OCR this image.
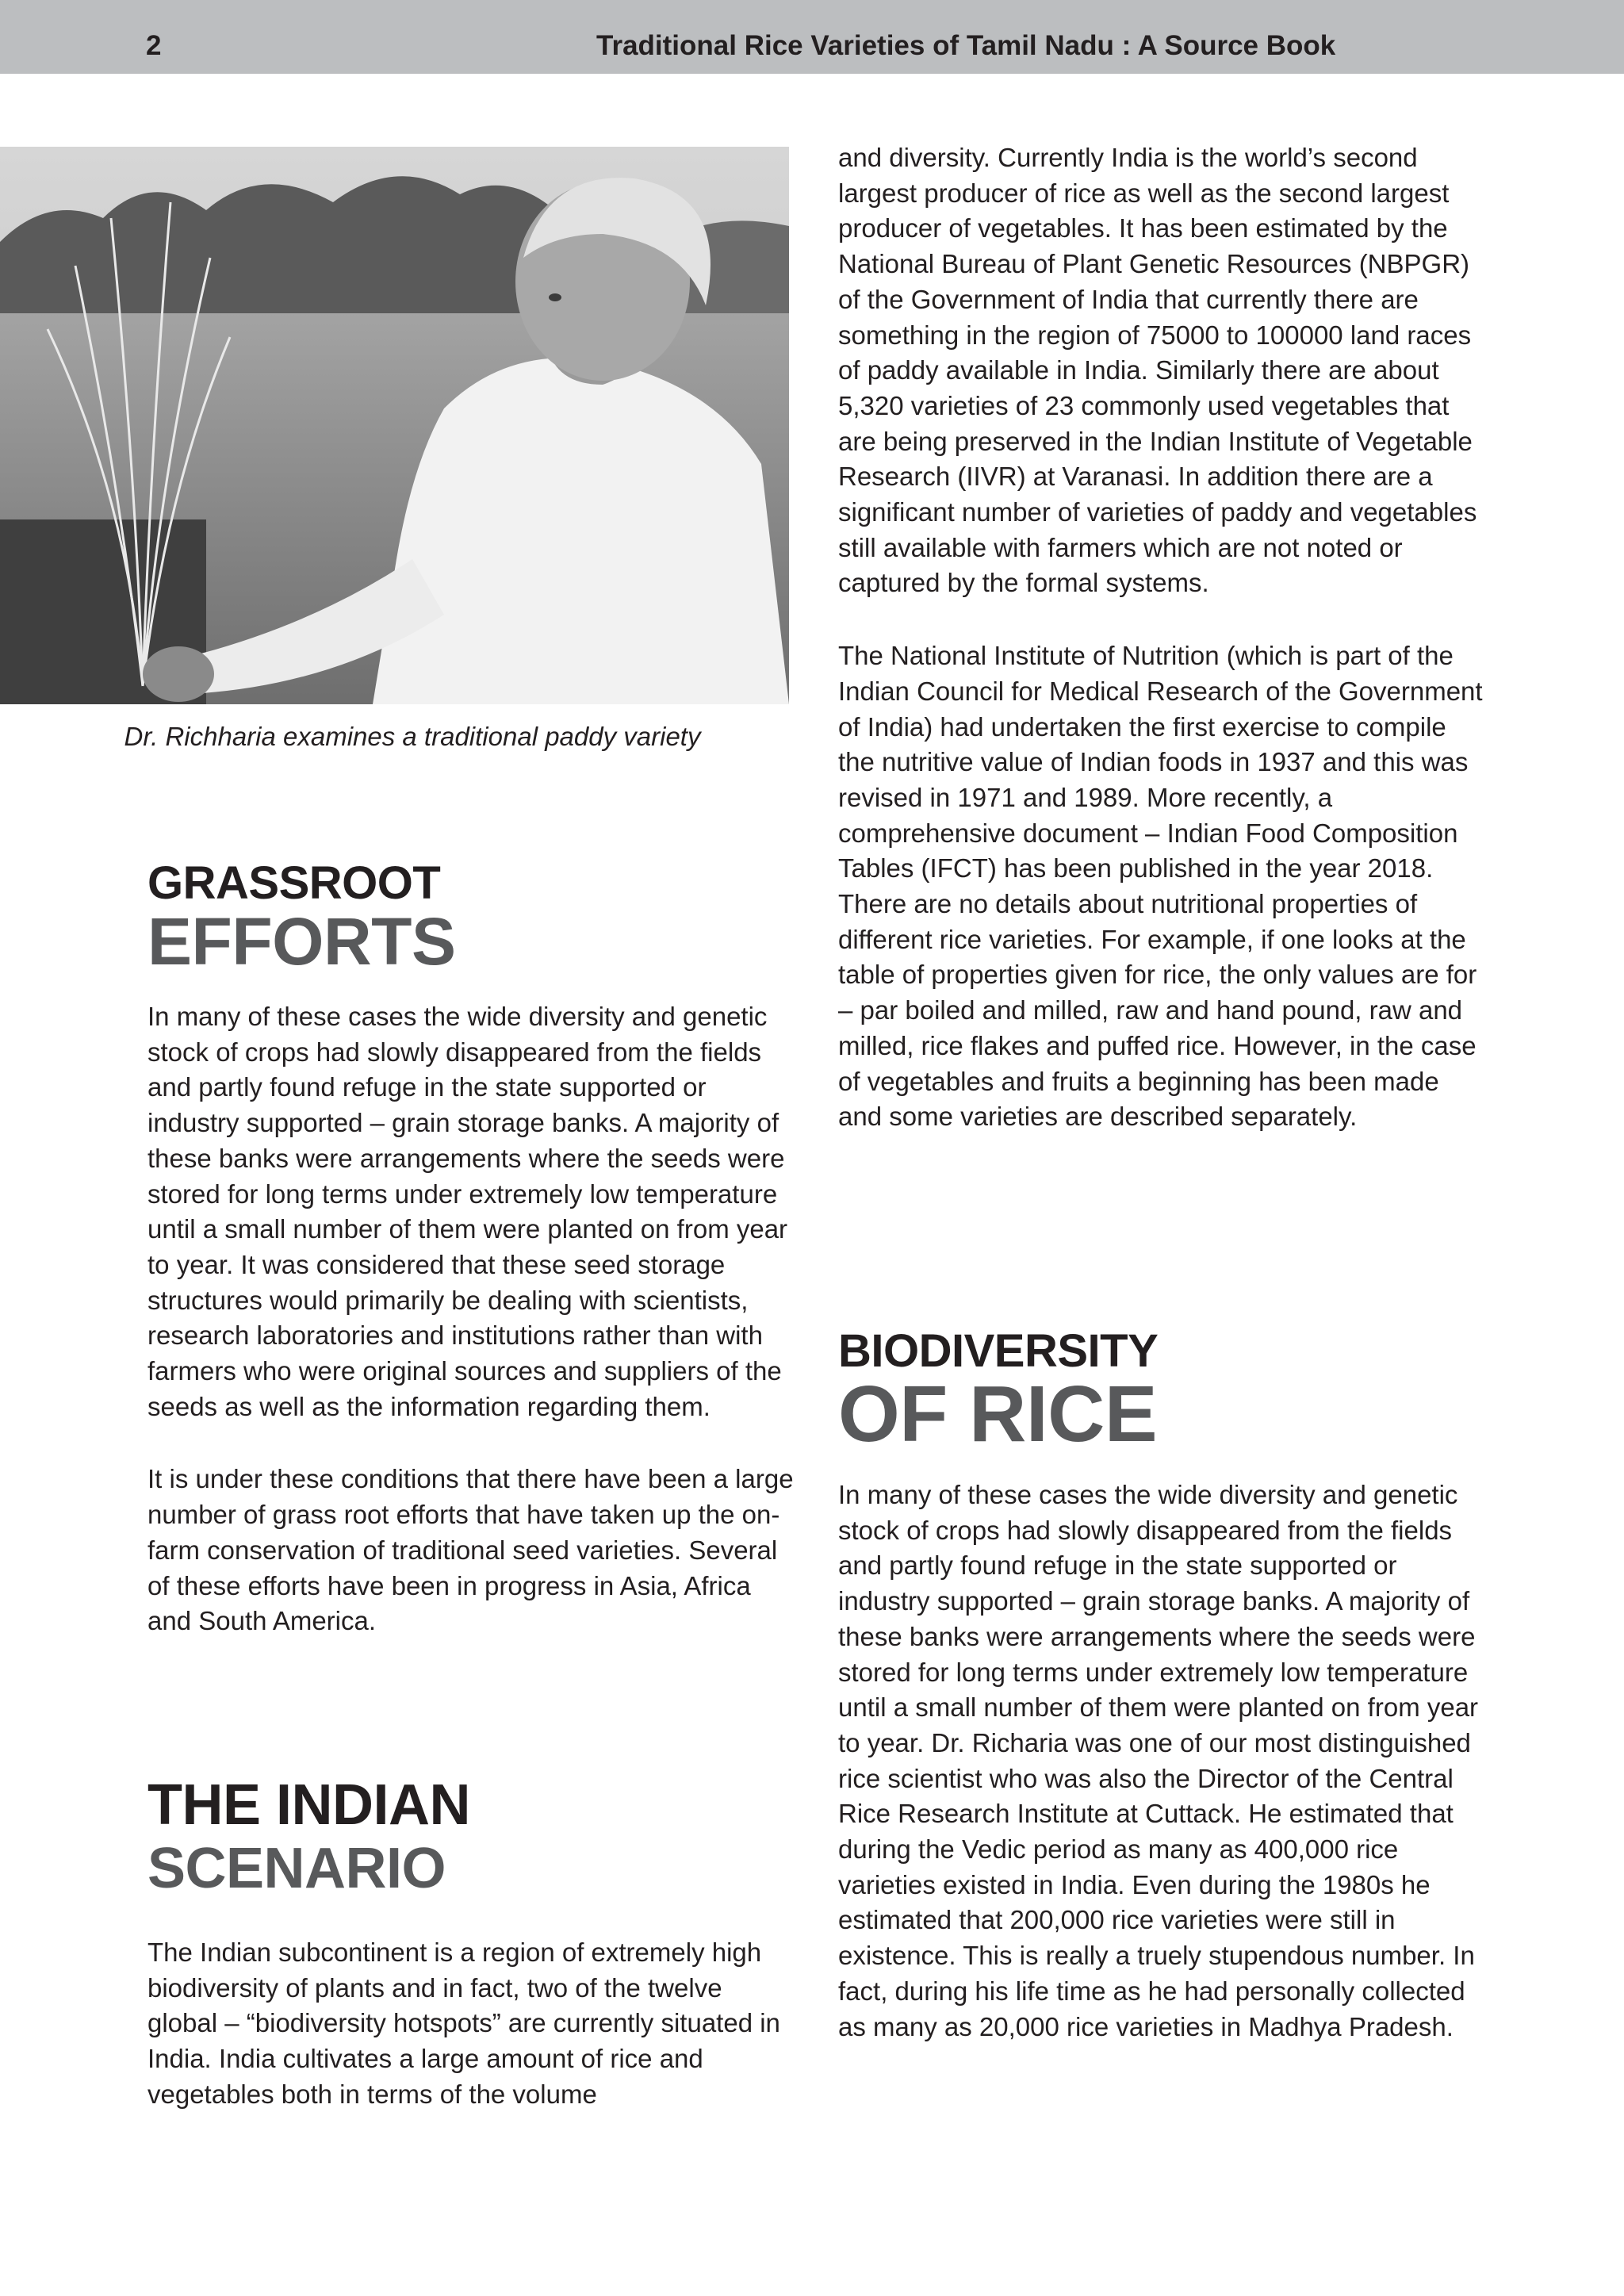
2	Traditional Rice Varieties of Tamil Nadu : A Source Book
Dr. Richharia examines a traditional paddy variety
GRASSROOT
EFFORTS

In many of these cases the wide diversity and genetic stock of crops had slowly disappeared from the fields and partly found refuge in the state supported or industry supported – grain storage banks. A majority of these banks were arrangements where the seeds were stored for long terms under extremely low temperature until a small number of them were planted on from year to year. It was considered that these seed storage structures would primarily be dealing with scientists, research laboratories and institutions rather than with farmers who were original sources and suppliers of the seeds as well as the information regarding them.

It is under these conditions that there have been a large number of grass root efforts that have taken up the on-farm conservation of traditional seed varieties. Several of these efforts have been in progress in Asia, Africa and South America.

THE INDIAN
SCENARIO

The Indian subcontinent is a region of extremely high biodiversity of plants and in fact, two of the twelve global – “biodiversity hotspots” are currently situated in India. India cultivates a large amount of rice and vegetables both in terms of the volume

and diversity. Currently India is the world’s second largest producer of rice as well as the second largest producer of vegetables. It has been estimated by the National Bureau of Plant Genetic Resources (NBPGR) of the Government of India that currently there are something in the region of 75000 to 100000 land races of paddy available in India. Similarly there are about 5,320 varieties of 23 commonly used vegetables that are being preserved in the Indian Institute of Vegetable Research (IIVR) at Varanasi. In addition there are a significant number of varieties of paddy and vegetables still available with farmers which are not noted or captured by the formal systems.

The National Institute of Nutrition (which is part of the Indian Council for Medical Research of the Government of India) had undertaken the first exercise to compile the nutritive value of Indian foods in 1937 and this was revised in 1971 and 1989. More recently, a comprehensive document – Indian Food Composition Tables (IFCT) has been published in the year 2018. There are no details about nutritional properties of different rice varieties. For example, if one looks at the table of properties given for rice, the only values are for – par boiled and milled, raw and hand pound, raw and milled, rice flakes and puffed rice. However, in the case of vegetables and fruits a beginning has been made and some varieties are described separately.

BIODIVERSITY
OF RICE

In many of these cases the wide diversity and genetic stock of crops had slowly disappeared from the fields and partly found refuge in the state supported or industry supported – grain storage banks. A majority of these banks were arrangements where the seeds were stored for long terms under extremely low temperature until a small number of them were planted on from year to year. Dr. Richaria was one of our most distinguished rice scientist who was also the Director of the Central Rice Research Institute at Cuttack. He estimated that during the Vedic period as many as 400,000 rice varieties existed in India. Even during the 1980s he estimated that 200,000 rice varieties were still in existence. This is really a truely stupendous number. In fact, during his life time as he had personally collected as many as 20,000 rice varieties in Madhya Pradesh.
